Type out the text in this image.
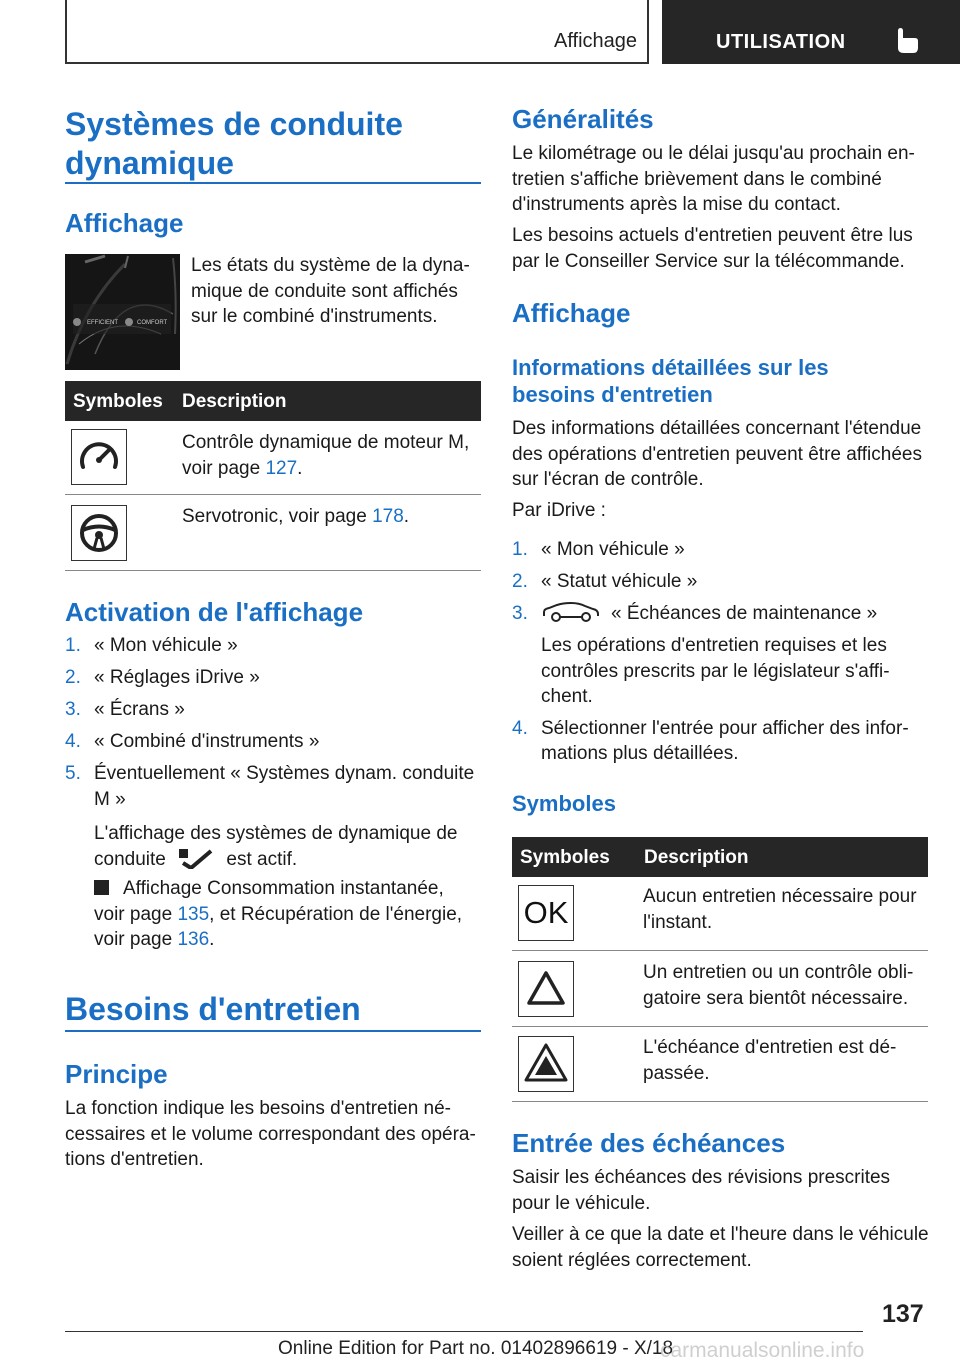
Affichage	UTILISATION
Systèmes de conduite
dynamique
Affichage
EFFICIENT	COMFORT
Les états du système de la dyna-
mique de conduite sont affichés
sur le combiné d'instruments.
Symboles Description
Contrôle dynamique de moteur M,
voir page 127.
Servotronic, voir page 178.
Activation de l'affichage
1. « Mon véhicule »
2. « Réglages iDrive »
3. « Écrans »
4. « Combiné d'instruments »
5. Éventuellement « Systèmes dynam. conduite
M »
L'affichage des systèmes de dynamique de
conduite	est actif.
Affichage Consommation instantanée,
voir page 135, et Récupération de l'énergie,
voir page 136.
Besoins d'entretien
Principe
La fonction indique les besoins d'entretien né-
cessaires et le volume correspondant des opéra-
tions d'entretien.
Généralités
Le kilométrage ou le délai jusqu'au prochain en-
tretien s'affiche brièvement dans le combiné
d'instruments après la mise du contact.
Les besoins actuels d'entretien peuvent être lus
par le Conseiller Service sur la télécommande.
Affichage
Informations détaillées sur les
besoins d'entretien
Des informations détaillées concernant l'étendue
des opérations d'entretien peuvent être affichées
sur l'écran de contrôle.
Par iDrive :
1. « Mon véhicule »
2. « Statut véhicule »
3.	« Échéances de maintenance »
Les opérations d'entretien requises et les
contrôles prescrits par le législateur s'affi-
chent.
4. Sélectionner l'entrée pour afficher des infor-
mations plus détaillées.
Symboles
Symboles Description
OK	Aucun entretien nécessaire pour
l'instant.
Un entretien ou un contrôle obli-
gatoire sera bientôt nécessaire.
L'échéance d'entretien est dé-
passée.
Entrée des échéances
Saisir les échéances des révisions prescrites
pour le véhicule.
Veiller à ce que la date et l'heure dans le véhicule
soient réglées correctement.
137
Online Edition for Part no. 01402896619 - X/18
carmanualsonline.info
